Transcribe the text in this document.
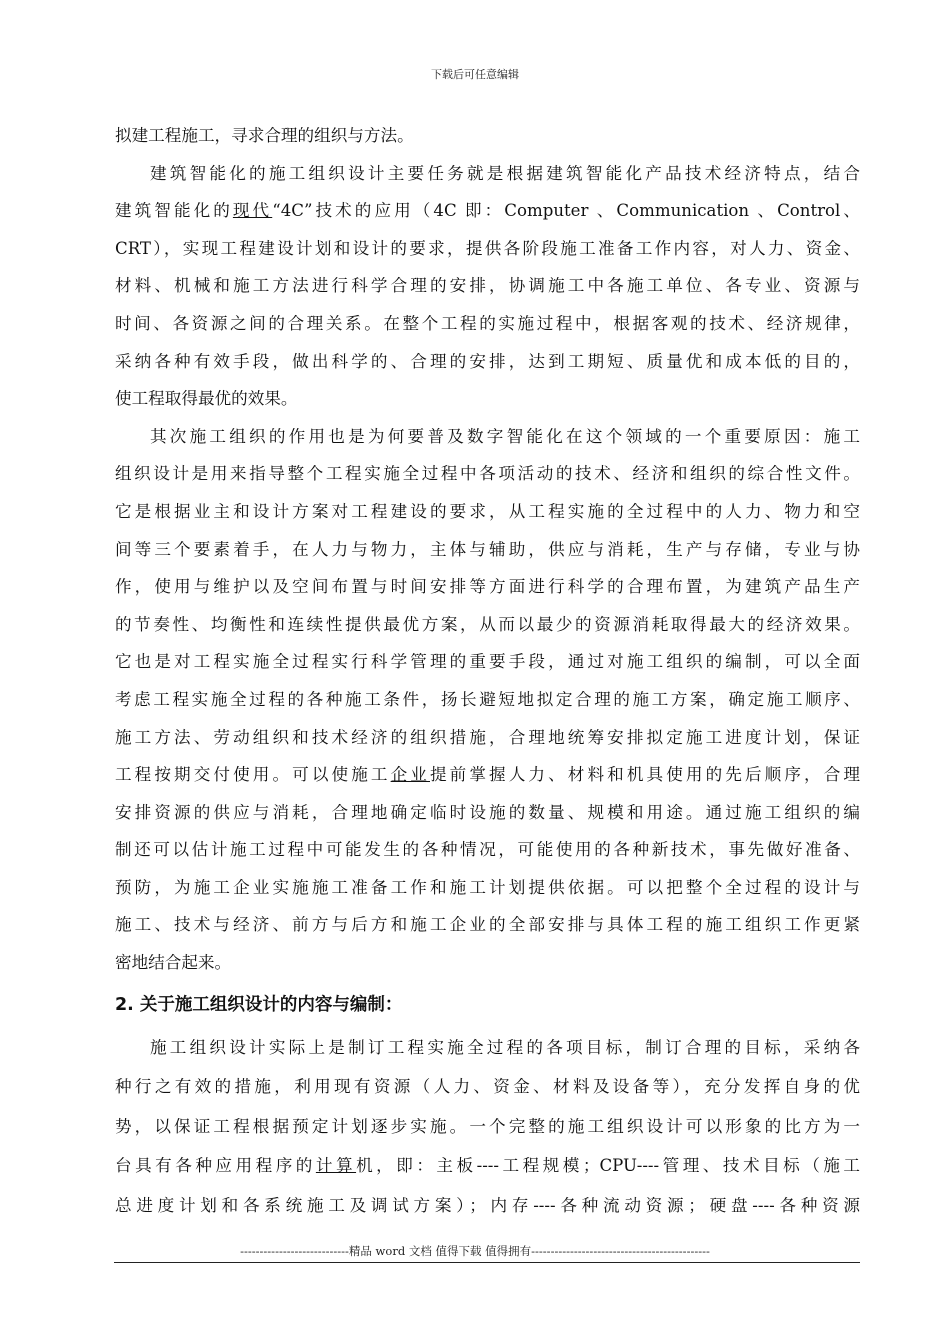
下载后可任意编辑
拟建工程施工，寻求合理的组织与方法。
建筑智能化的施工组织设计主要任务就是根据建筑智能化产品技术经济特点，结合
建筑智能化的现代“4C”技术的应用（4C 即：Computer 、Communication 、Control、
CRT），实现工程建设计划和设计的要求，提供各阶段施工准备工作内容，对人力、资金、
材料、机械和施工方法进行科学合理的安排，协调施工中各施工单位、各专业、资源与
时间、各资源之间的合理关系。在整个工程的实施过程中，根据客观的技术、经济规律，
采纳各种有效手段，做出科学的、合理的安排，达到工期短、质量优和成本低的目的，
使工程取得最优的效果。
其次施工组织的作用也是为何要普及数字智能化在这个领域的一个重要原因：施工
组织设计是用来指导整个工程实施全过程中各项活动的技术、经济和组织的综合性文件。
它是根据业主和设计方案对工程建设的要求，从工程实施的全过程中的人力、物力和空
间等三个要素着手，在人力与物力，主体与辅助，供应与消耗，生产与存储，专业与协
作，使用与维护以及空间布置与时间安排等方面进行科学的合理布置，为建筑产品生产
的节奏性、均衡性和连续性提供最优方案，从而以最少的资源消耗取得最大的经济效果。
它也是对工程实施全过程实行科学管理的重要手段，通过对施工组织的编制，可以全面
考虑工程实施全过程的各种施工条件，扬长避短地拟定合理的施工方案，确定施工顺序、
施工方法、劳动组织和技术经济的组织措施，合理地统筹安排拟定施工进度计划，保证
工程按期交付使用。可以使施工企业提前掌握人力、材料和机具使用的先后顺序，合理
安排资源的供应与消耗，合理地确定临时设施的数量、规模和用途。通过施工组织的编
制还可以估计施工过程中可能发生的各种情况，可能使用的各种新技术，事先做好准备、
预防，为施工企业实施施工准备工作和施工计划提供依据。可以把整个全过程的设计与
施工、技术与经济、前方与后方和施工企业的全部安排与具体工程的施工组织工作更紧
密地结合起来。
2. 关于施工组织设计的内容与编制：
施工组织设计实际上是制订工程实施全过程的各项目标，制订合理的目标，采纳各
种行之有效的措施，利用现有资源（人力、资金、材料及设备等），充分发挥自身的优
势，以保证工程根据预定计划逐步实施。一个完整的施工组织设计可以形象的比方为一
台具有各种应用程序的计算机，即：主板----工程规模；CPU----管理、技术目标（施工
总进度计划和各系统施工及调试方案）；内存----各种流动资源；硬盘----各种资源
----------------------------精品 word 文档 值得下载 值得拥有----------------------------------------------
